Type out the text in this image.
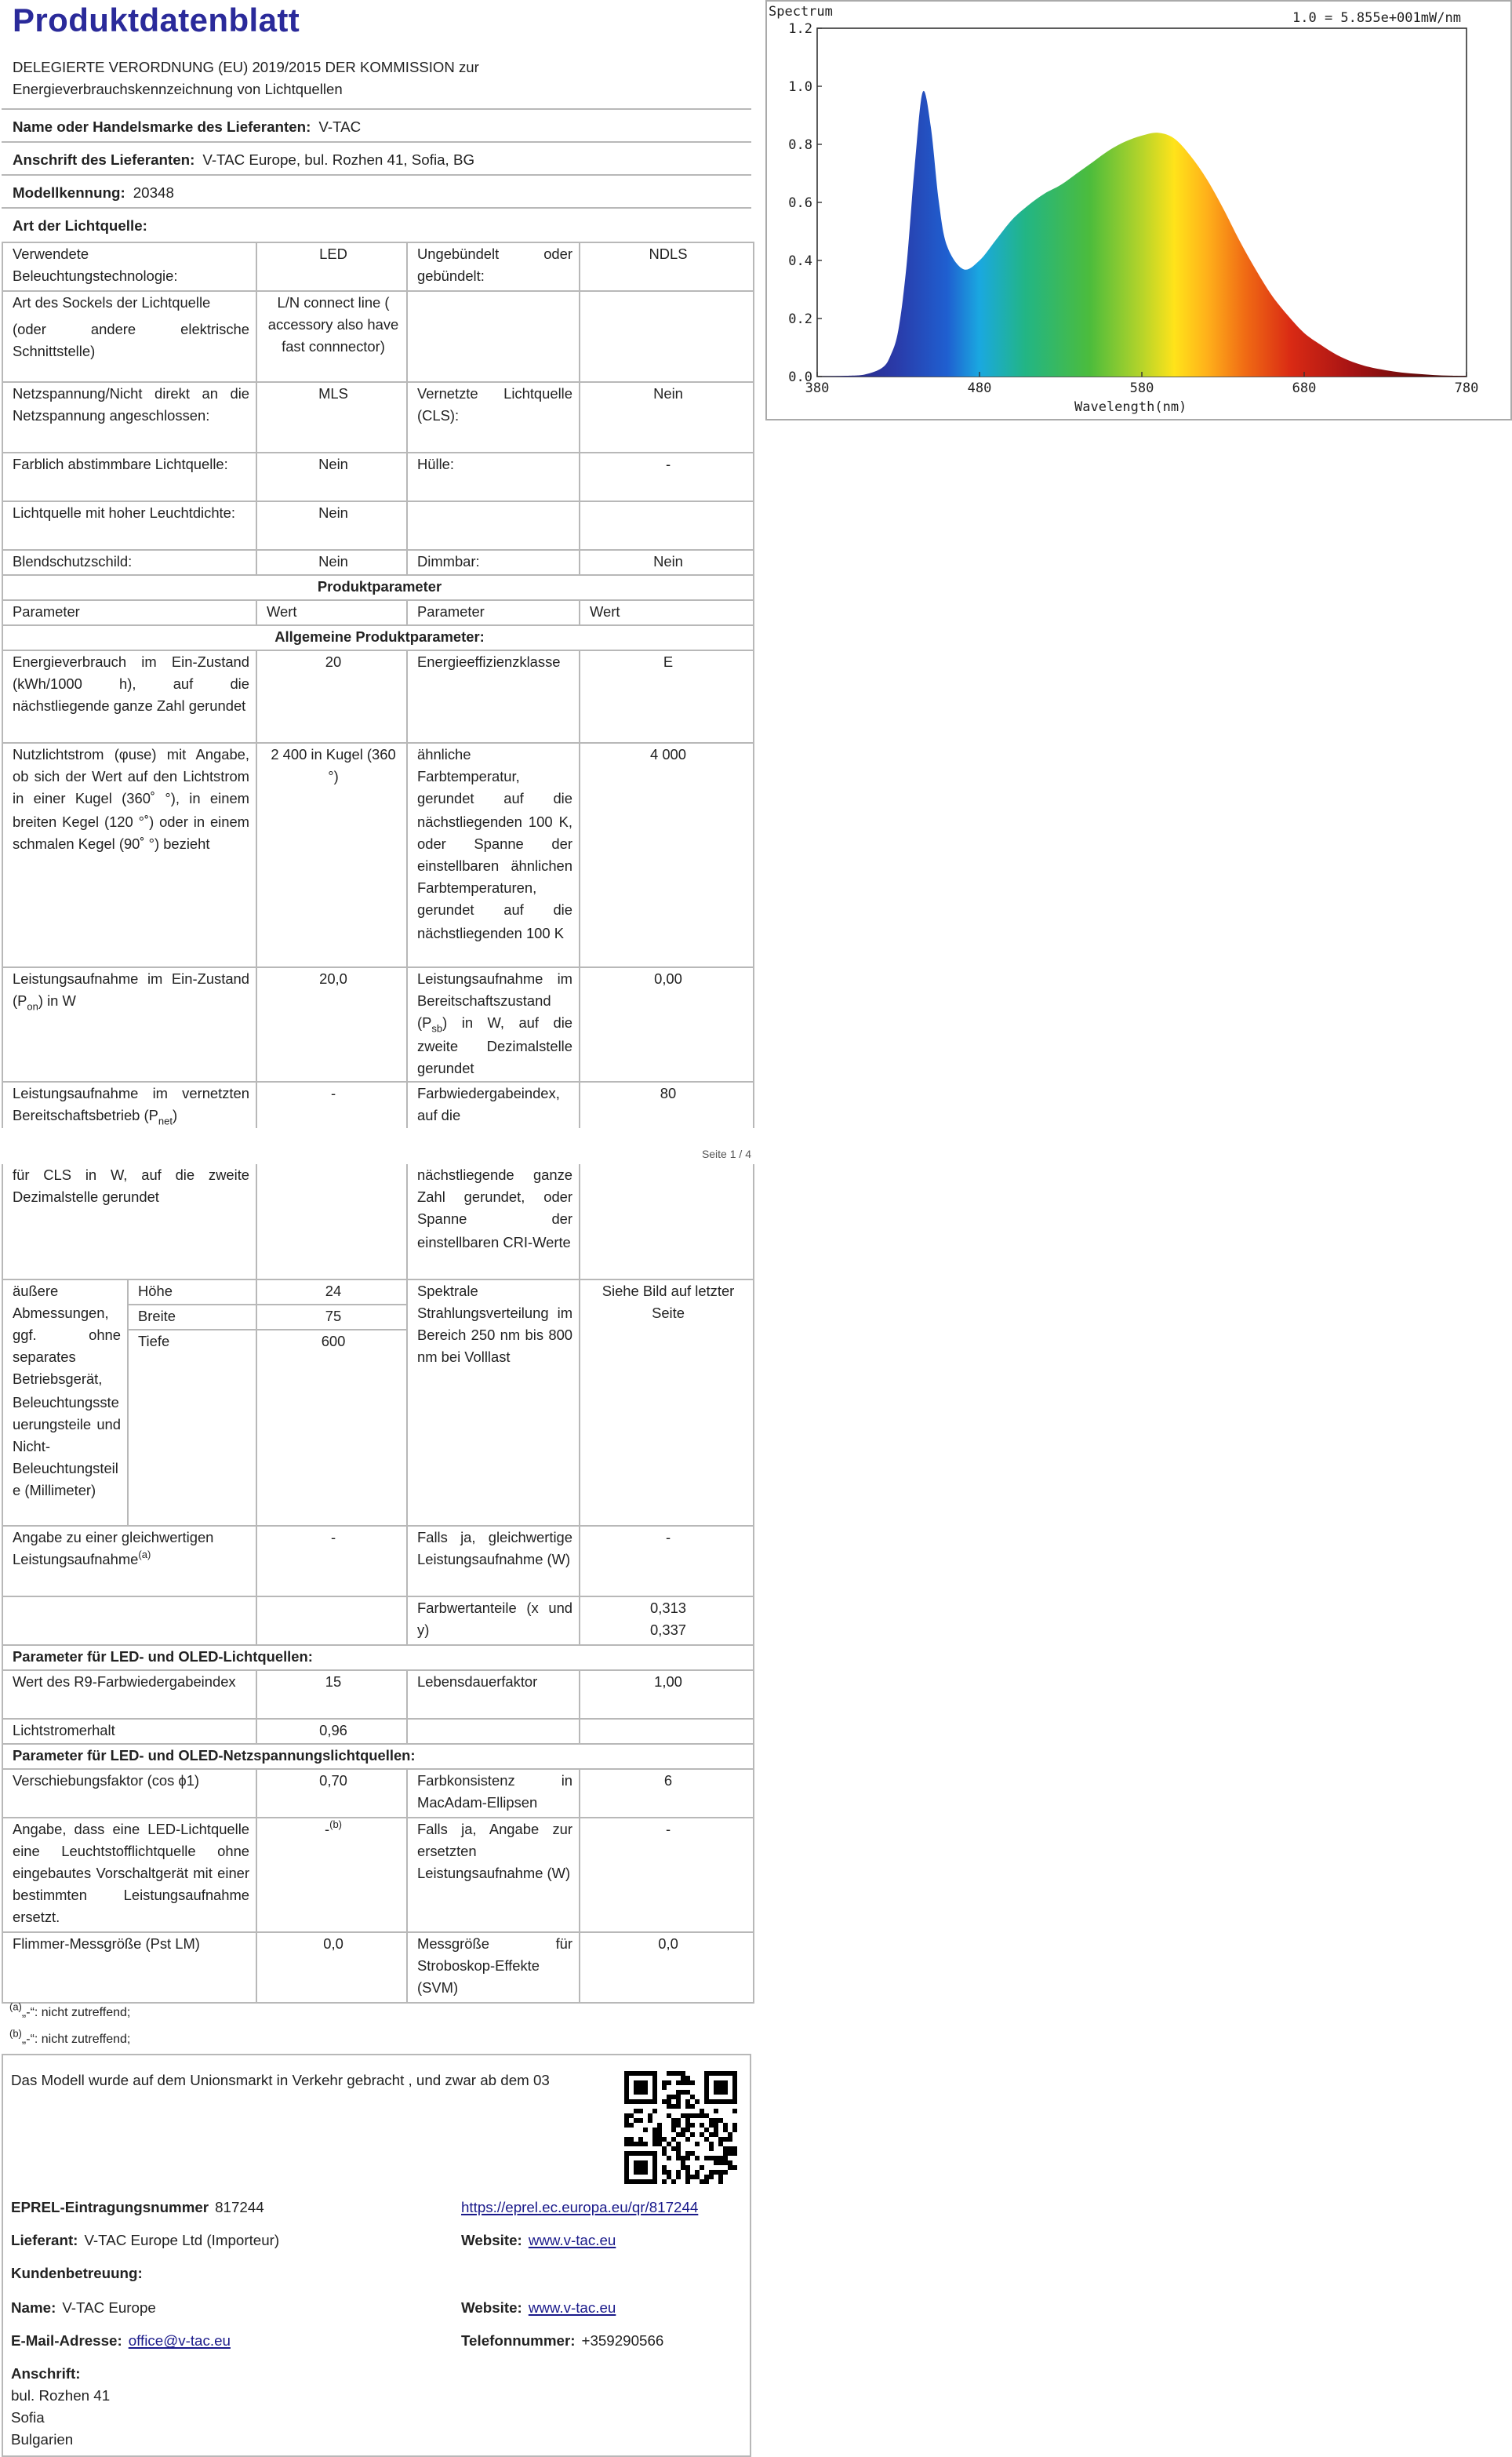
Produktdatenblatt
DELEGIERTE VERORDNUNG (EU) 2019/2015 DER KOMMISSION zur
Energieverbrauchskennzeichnung von Lichtquellen
Name oder Handelsmarke des Lieferanten: V-TAC
Anschrift des Lieferanten: V-TAC Europe, bul. Rozhen 41, Sofia, BG
Modellkennung: 20348
Art der Lichtquelle:
Verwendete Beleuchtungstechnologie:	LED	Ungebündelt oder gebündelt:	NDLS

Art des Sockels der Lichtquelle
(oder andere elektrische Schnittstelle)	L/N connect line ( accessory also have fast connnector)		
Netzspannung/Nicht direkt an die Netzspannung angeschlossen:	MLS	Vernetzte Lichtquelle (CLS):	Nein
Farblich abstimmbare Lichtquelle:	Nein	Hülle:	-
Lichtquelle mit hoher Leuchtdichte:	Nein		
Blendschutzschild:	Nein	Dimmbar:	Nein
Produktparameter			
Parameter	Wert	Parameter	Wert
Allgemeine Produktparameter:			
Energieverbrauch im Ein-Zustand (kWh/1000 h), auf die nächstliegende ganze Zahl gerundet	20	Energieeffizienzklasse	E
Nutzlichtstrom (φuse) mit Angabe, ob sich der Wert auf den Lichtstrom in einer Kugel (360˚ °), in einem breiten Kegel (120 °˚) oder in einem schmalen Kegel (90˚ °) bezieht	2 400 in Kugel (360 °)	ähnliche Farbtemperatur, gerundet auf die nächstliegenden 100 K, oder Spanne der einstellbaren ähnlichen Farbtemperaturen, gerundet auf die nächstliegenden 100 K	4 000
Leistungsaufnahme im Ein-Zustand $(P_{on})$ in W	20,0	Leistungsaufnahme im Bereitschaftszustand $(P_{sb})$ in W, auf die zweite Dezimalstelle gerundet	0,00
Leistungsaufnahme im vernetzten Bereitschaftsbetrieb $(P_{net})$	-	Farbwiedergabeindex, auf die	80
Seite 1 / 4
für CLS in W, auf die zweite Dezimalstelle gerundet			nächstliegende ganze Zahl gerundet, oder Spanne der einstellbaren CRI-Werte	
äußere Abmessungen, ggf. ohne separates Betriebsgerät, Beleuchtungssteuerungsteile und Nicht-Beleuchtungsteile (Millimeter)	Höhe	24	Spektrale Strahlungsverteilung im Bereich 250 nm bis 800 nm bei Volllast	Siehe Bild auf letzter Seite
	Breite	75		
	Tiefe	600		
Angabe zu einer gleichwertigen Leistungsaufnahme$^{(a)}$		-	Falls ja, gleichwertige Leistungsaufnahme (W)	-
			Farbwertanteile (x und y)	0,313
0,337

Parameter für LED- und OLED-Lichtquellen:				
Wert des R9-Farbwiedergabeindex		15	Lebensdauerfaktor	1,00
Lichtstromerhalt		0,96		
Parameter für LED- und OLED-Netzspannungslichtquellen:				
Verschiebungsfaktor (cos ϕ1)		0,70	Farbkonsistenz in MacAdam-Ellipsen	6
Angabe, dass eine LED-Lichtquelle eine Leuchtstofflichtquelle ohne eingebautes Vorschaltgerät mit einer bestimmten Leistungsaufnahme ersetzt.		-$^{(b)}$	Falls ja, Angabe zur ersetzten Leistungsaufnahme (W)	-
Flimmer-Messgröße (Pst LM)		0,0	Messgröße für Stroboskop-Effekte (SVM)	0,0
$^{(a)}$„-“: nicht zutreffend;
$^{(b)}$„-“: nicht zutreffend;
Das Modell wurde auf dem Unionsmarkt in Verkehr gebracht , und zwar ab dem 03
EPREL-Eintragungsnummer 817244	https://eprel.ec.europa.eu/qr/817244
Lieferant: V-TAC Europe Ltd (Importeur)	Website: www.v-tac.eu
Kundenbetreuung:
Name: V-TAC Europe	Website: www.v-tac.eu
E-Mail-Adresse: office@v-tac.eu	Telefonnummer: +359290566
Anschrift:
bul. Rozhen 41
Sofia
Bulgarien
0.0
0.2
0.4
0.6
0.8
1.0
1.2
380	480	580	680	780
Spectrum	1.0 = 5.855e+001mW/nm
Wavelength(nm)
